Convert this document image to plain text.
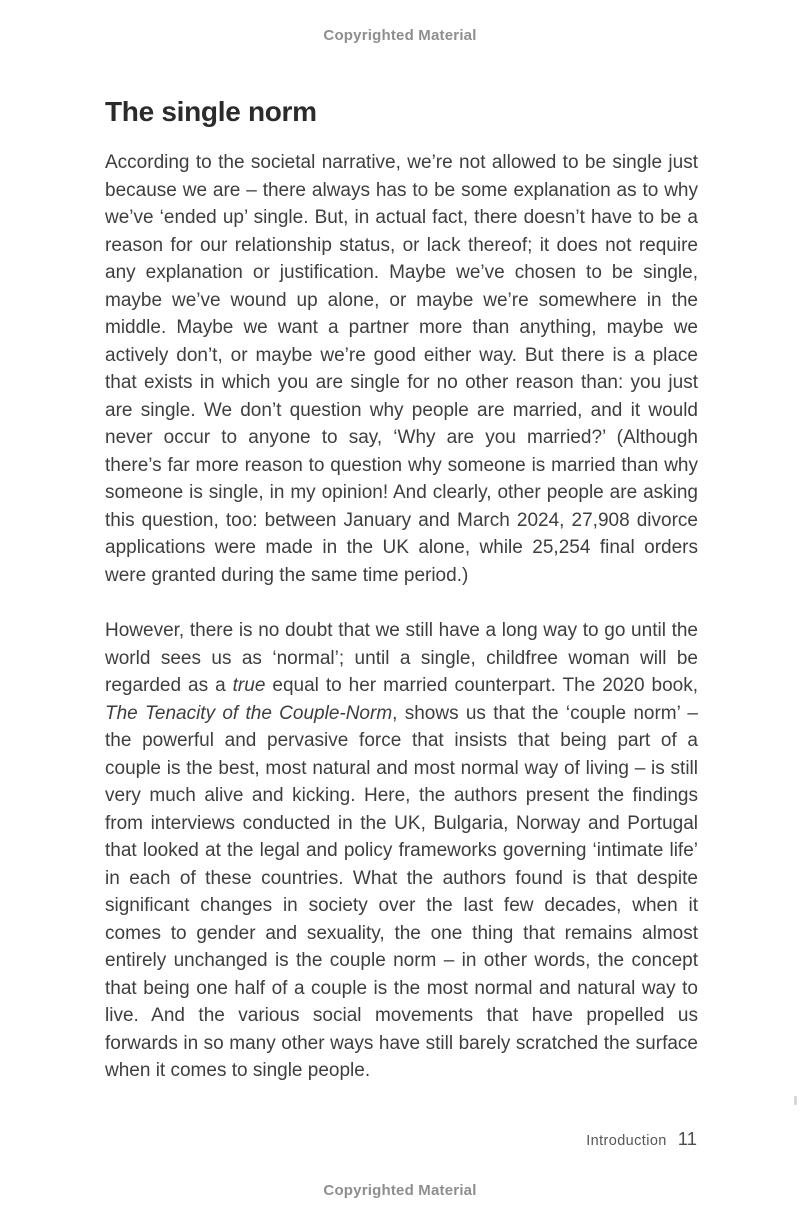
Copyrighted Material
The single norm

According to the societal narrative, we’re not allowed to be single just because we are – there always has to be some explanation as to why we’ve ‘ended up’ single. But, in actual fact, there doesn’t have to be a reason for our relationship status, or lack thereof; it does not require any explanation or justification. Maybe we’ve chosen to be single, maybe we’ve wound up alone, or maybe we’re somewhere in the middle. Maybe we want a partner more than anything, maybe we actively don’t, or maybe we’re good either way. But there is a place that exists in which you are single for no other reason than: you just are single. We don’t question why people are married, and it would never occur to anyone to say, ‘Why are you married?’ (Although there’s far more reason to question why someone is married than why someone is single, in my opinion! And clearly, other people are asking this question, too: between January and March 2024, 27,908 divorce applications were made in the UK alone, while 25,254 final orders were granted during the same time period.)

However, there is no doubt that we still have a long way to go until the world sees us as ‘normal’; until a single, childfree woman will be regarded as a true equal to her married counterpart. The 2020 book, The Tenacity of the Couple-Norm, shows us that the ‘couple norm’ – the powerful and pervasive force that insists that being part of a couple is the best, most natural and most normal way of living – is still very much alive and kicking. Here, the authors present the findings from interviews conducted in the UK, Bulgaria, Norway and Portugal that looked at the legal and policy frameworks governing ‘intimate life’ in each of these countries. What the authors found is that despite significant changes in society over the last few decades, when it comes to gender and sexuality, the one thing that remains almost entirely unchanged is the couple norm – in other words, the concept that being one half of a couple is the most normal and natural way to live. And the various social movements that have propelled us forwards in so many other ways have still barely scratched the surface when it comes to single people.

Introduction 11
Copyrighted Material
